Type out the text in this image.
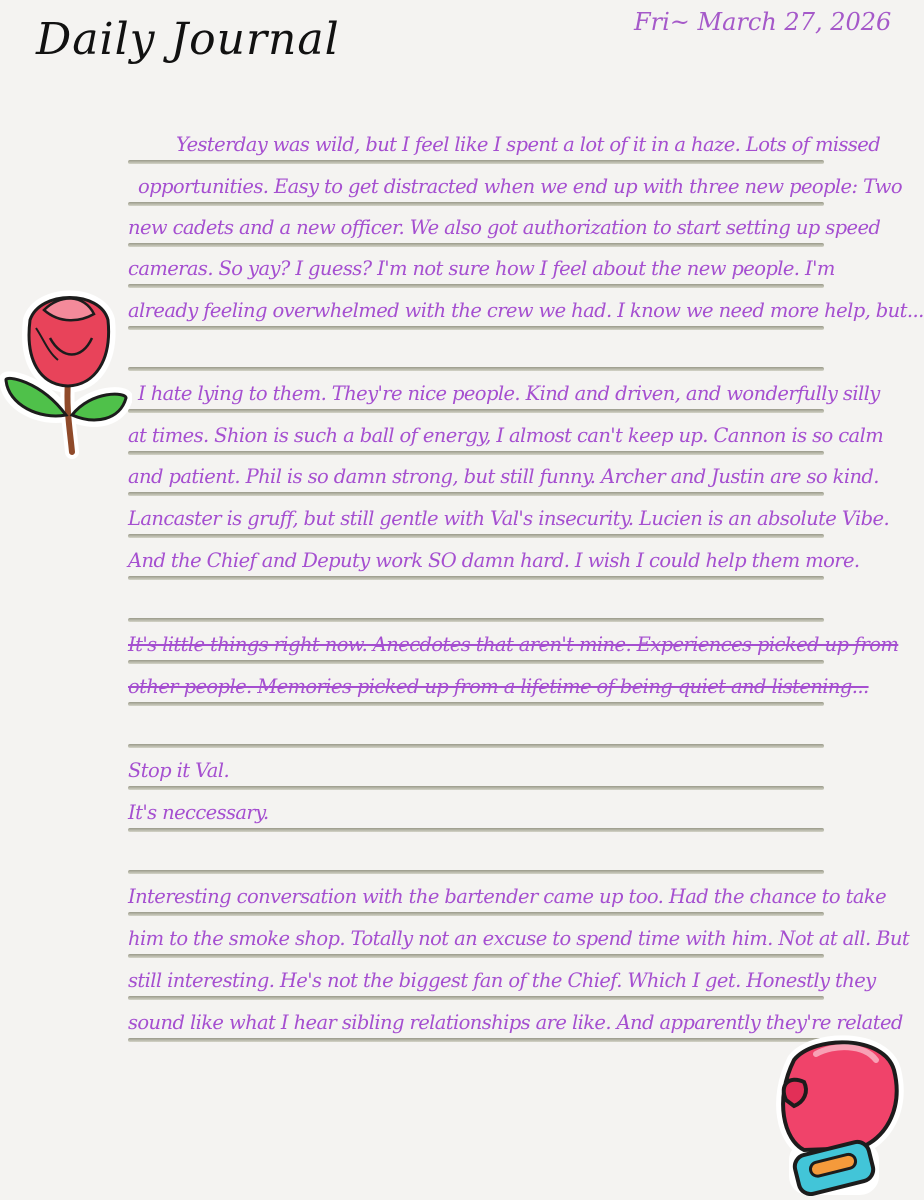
Daily Journal	Fri~ March 27, 2026
Yesterday was wild, but I feel like I spent a lot of it in a haze. Lots of missed
opportunities. Easy to get distracted when we end up with three new people: Two
new cadets and a new officer. We also got authorization to start setting up speed
cameras. So yay? I guess? I'm not sure how I feel about the new people. I'm
already feeling overwhelmed with the crew we had. I know we need more help, but...
I hate lying to them. They're nice people. Kind and driven, and wonderfully silly
at times. Shion is such a ball of energy, I almost can't keep up. Cannon is so calm
and patient. Phil is so damn strong, but still funny. Archer and Justin are so kind.
Lancaster is gruff, but still gentle with Val's insecurity. Lucien is an absolute Vibe.
And the Chief and Deputy work SO damn hard. I wish I could help them more.
It's little things right now. Anecdotes that aren't mine. Experiences picked up from
other people. Memories picked up from a lifetime of being quiet and listening...
Stop it Val.
It's neccessary.
Interesting conversation with the bartender came up too. Had the chance to take
him to the smoke shop. Totally not an excuse to spend time with him. Not at all. But
still interesting. He's not the biggest fan of the Chief. Which I get. Honestly they
sound like what I hear sibling relationships are like. And apparently they're related
